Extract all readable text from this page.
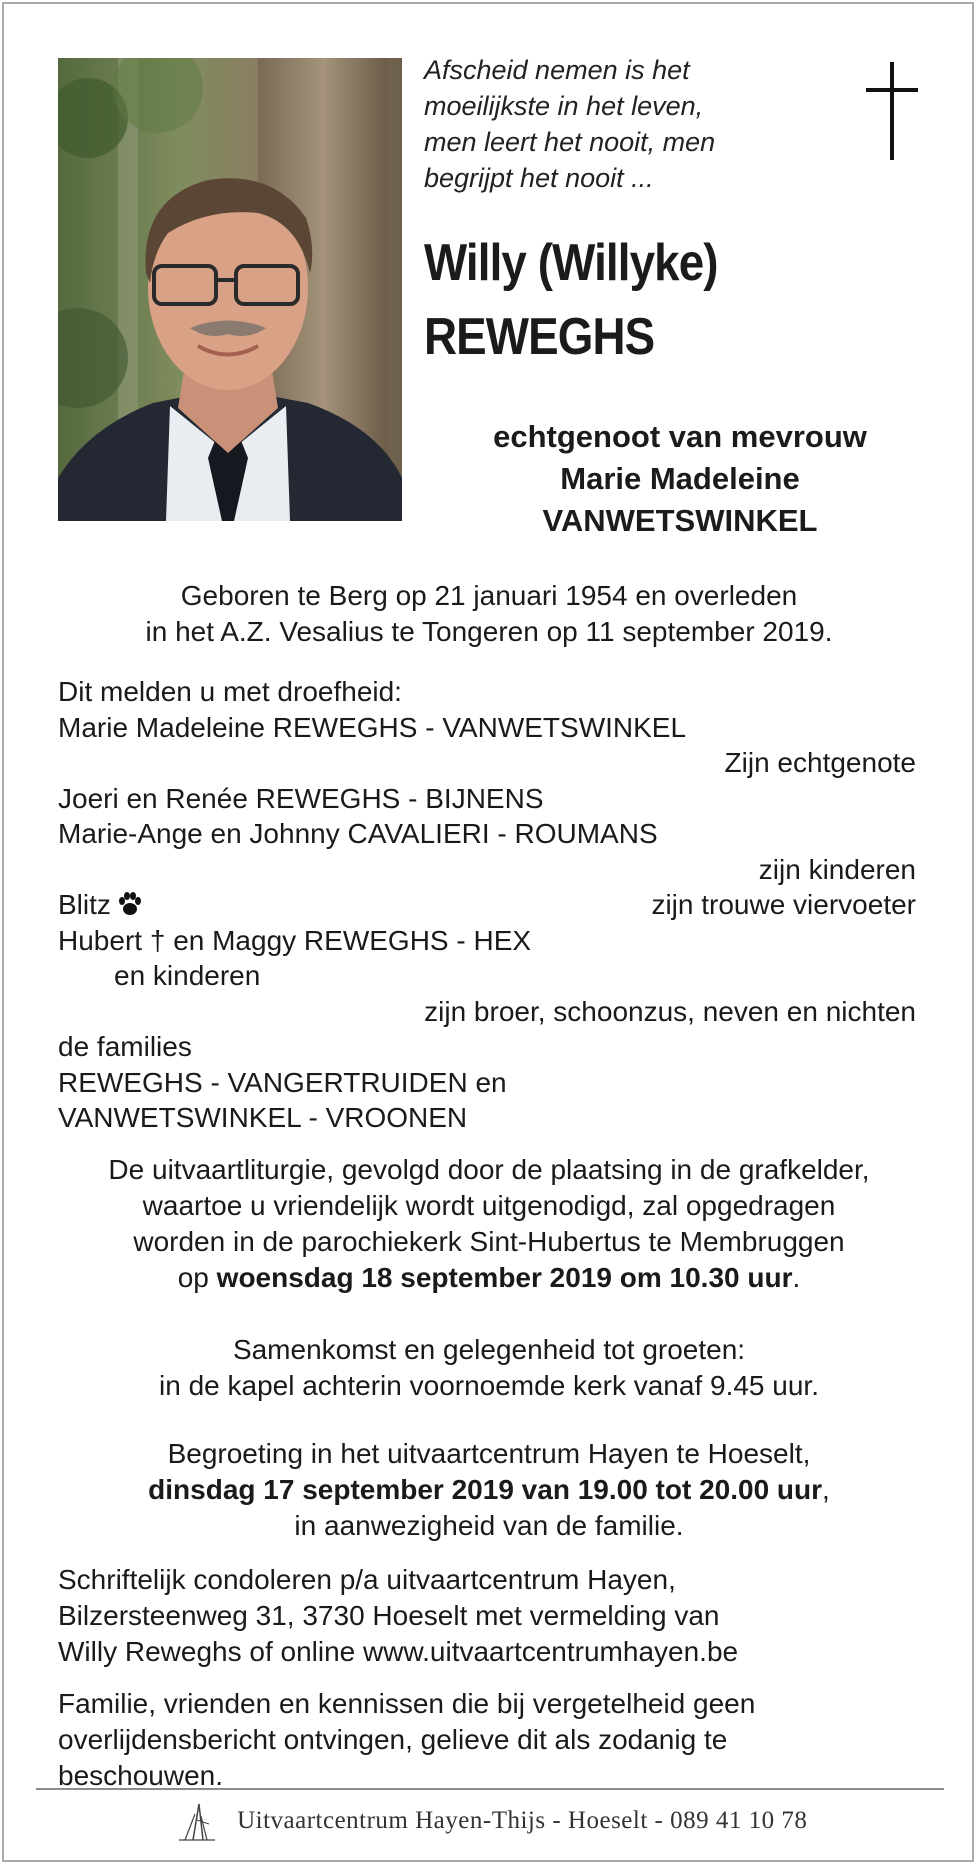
Afscheid nemen is het
moeilijkste in het leven,
men leert het nooit, men
begrijpt het nooit ...
Willy (Willyke)
REWEGHS
echtgenoot van mevrouw
Marie Madeleine
VANWETSWINKEL
Geboren te Berg op 21 januari 1954 en overleden
in het A.Z. Vesalius te Tongeren op 11 september 2019.
Dit melden u met droefheid:
Marie Madeleine REWEGHS - VANWETSWINKEL
Zijn echtgenote
Joeri en Renée REWEGHS - BIJNENS
Marie-Ange en Johnny CAVALIERI - ROUMANS
zijn kinderen
Blitz	zijn trouwe viervoeter
Hubert † en Maggy REWEGHS - HEX
en kinderen
zijn broer, schoonzus, neven en nichten
de families
REWEGHS - VANGERTRUIDEN en
VANWETSWINKEL - VROONEN
De uitvaartliturgie, gevolgd door de plaatsing in de grafkelder,
waartoe u vriendelijk wordt uitgenodigd, zal opgedragen
worden in de parochiekerk Sint-Hubertus te Membruggen
op woensdag 18 september 2019 om 10.30 uur.
Samenkomst en gelegenheid tot groeten:
in de kapel achterin voornoemde kerk vanaf 9.45 uur.
Begroeting in het uitvaartcentrum Hayen te Hoeselt,
dinsdag 17 september 2019 van 19.00 tot 20.00 uur,
in aanwezigheid van de familie.
Schriftelijk condoleren p/a uitvaartcentrum Hayen,
Bilzersteenweg 31, 3730 Hoeselt met vermelding van
Willy Reweghs of online www.uitvaartcentrumhayen.be
Familie, vrienden en kennissen die bij vergetelheid geen
overlijdensbericht ontvingen, gelieve dit als zodanig te
beschouwen.
Uitvaartcentrum Hayen-Thijs - Hoeselt - 089 41 10 78
